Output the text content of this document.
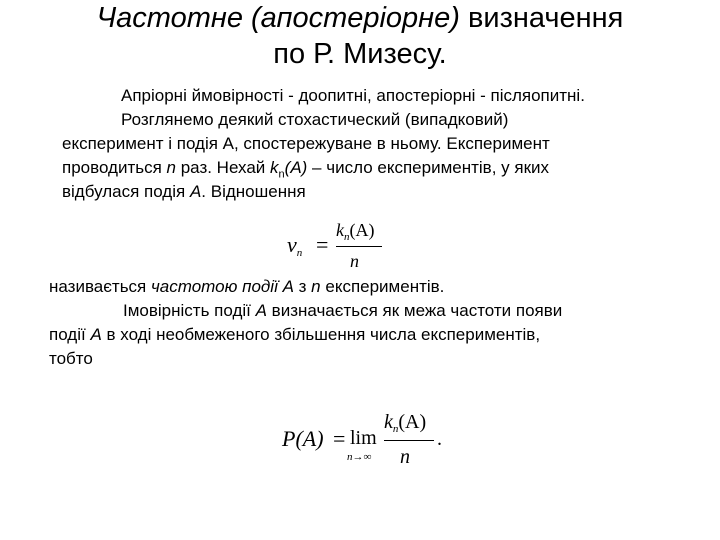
Частотне (апостеріорне) визначення
по Р. Мизесу.
Апріорні ймовірності - доопитні, апостеріорні - післяопитні.
Розглянемо деякий стохастический (випадковий)
експеримент і подія A, спостережуване в ньому. Експеримент
проводиться n раз. Нехай $k_n(A)$ – число експериментів, у яких
відбулася подія A. Відношення
νn =
$k_n(A)$
n
називається частотою події A з n експериментів.
Імовірність події A визначається як межа частоти появи
події A в ході необмеженого збільшення числа експериментів,
тобто
P(A) = lim
n→∞
$k_n(A)$
n
.
